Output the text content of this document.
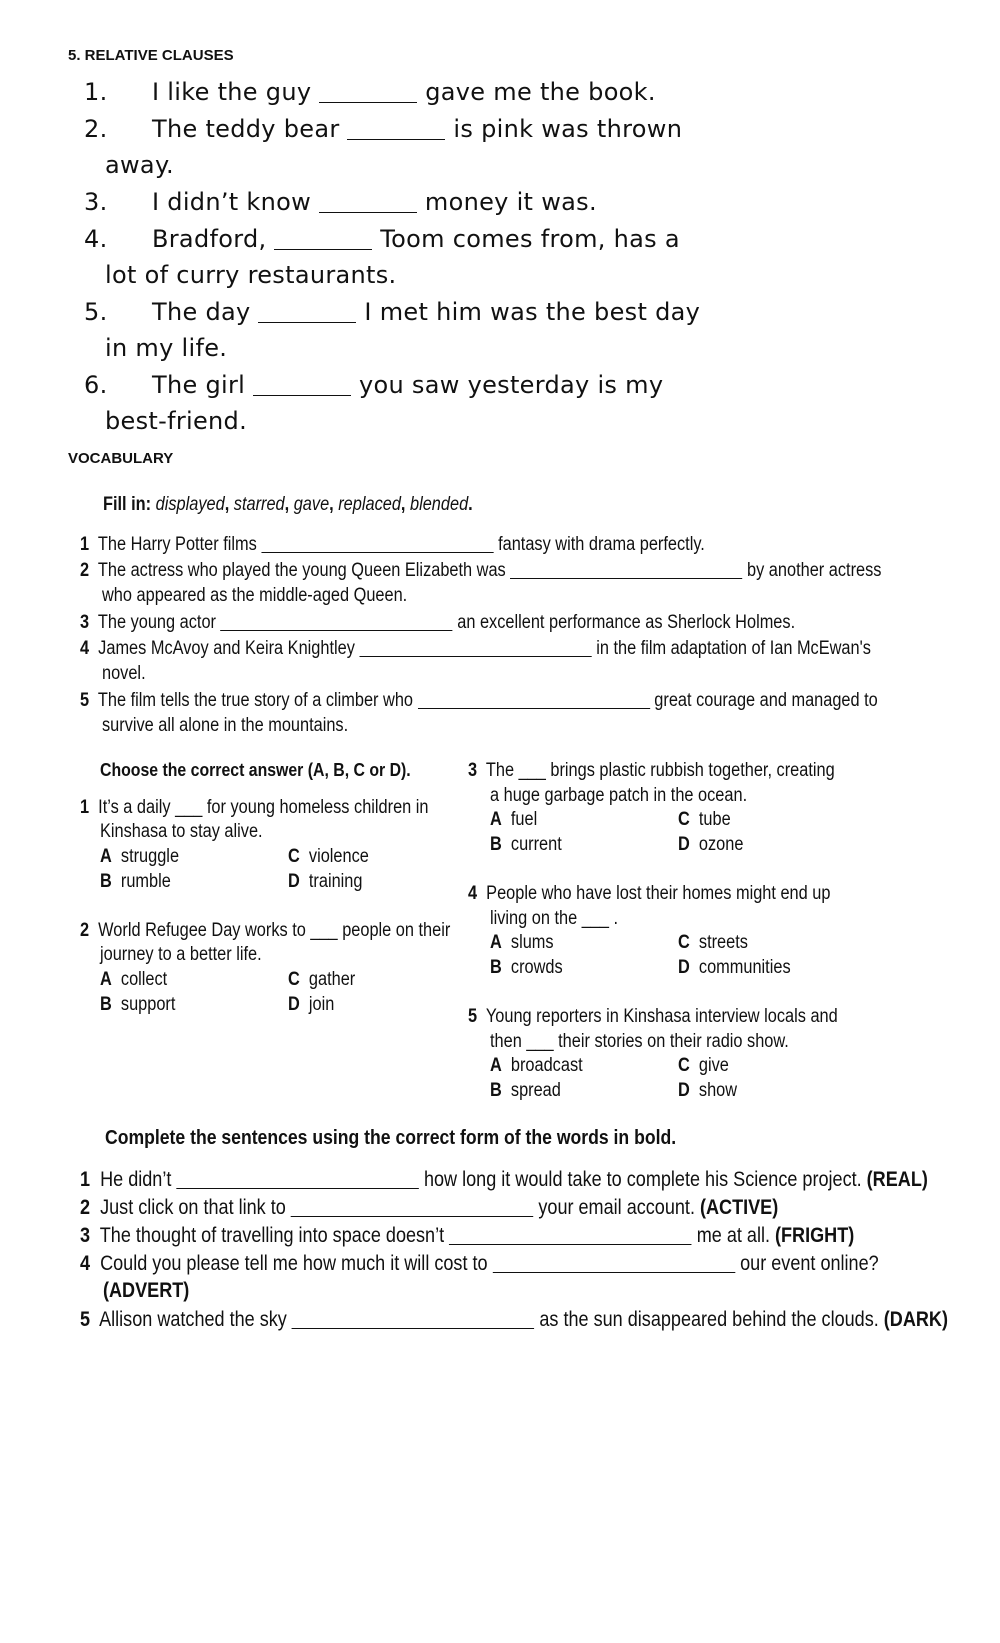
5. RELATIVE CLAUSES
1. I like the guy	gave me the book.
2. The teddy bear	is pink was thrown
away.
3. I didn’t know	money it was.
4. Bradford,	Toom comes from, has a
lot of curry restaurants.
5. The day	I met him was the best day
in my life.
6. The girl	you saw yesterday is my
best-friend.
VOCABULARY
Fill in: displayed, starred, gave, replaced, blended.
1 The Harry Potter films	fantasy with drama perfectly.
2 The actress who played the young Queen Elizabeth was	by another actress
who appeared as the middle-aged Queen.
3 The young actor	an excellent performance as Sherlock Holmes.
4 James McAvoy and Keira Knightley	in the film adaptation of Ian McEwan's
novel.
5 The film tells the true story of a climber who	great courage and managed to
survive all alone in the mountains.
Choose the correct answer (A, B, C or D).
1 It’s a daily ___ for young homeless children in
Kinshasa to stay alive.
A struggle	C violence
B rumble	D training
2 World Refugee Day works to ___ people on their
journey to a better life.
A collect	C gather
B support	D join
3 The ___ brings plastic rubbish together, creating
a huge garbage patch in the ocean.
A fuel	C tube
B current	D ozone
4 People who have lost their homes might end up
living on the ___ .
A slums	C streets
B crowds	D communities
5 Young reporters in Kinshasa interview locals and
then ___ their stories on their radio show.
A broadcast	C give
B spread	D show
Complete the sentences using the correct form of the words in bold.
1 He didn’t	how long it would take to complete his Science project. (REAL)
2 Just click on that link to	your email account. (ACTIVE)
3 The thought of travelling into space doesn’t	me at all. (FRIGHT)
4 Could you please tell me how much it will cost to	our event online?
(ADVERT)
5 Allison watched the sky	as the sun disappeared behind the clouds. (DARK)
